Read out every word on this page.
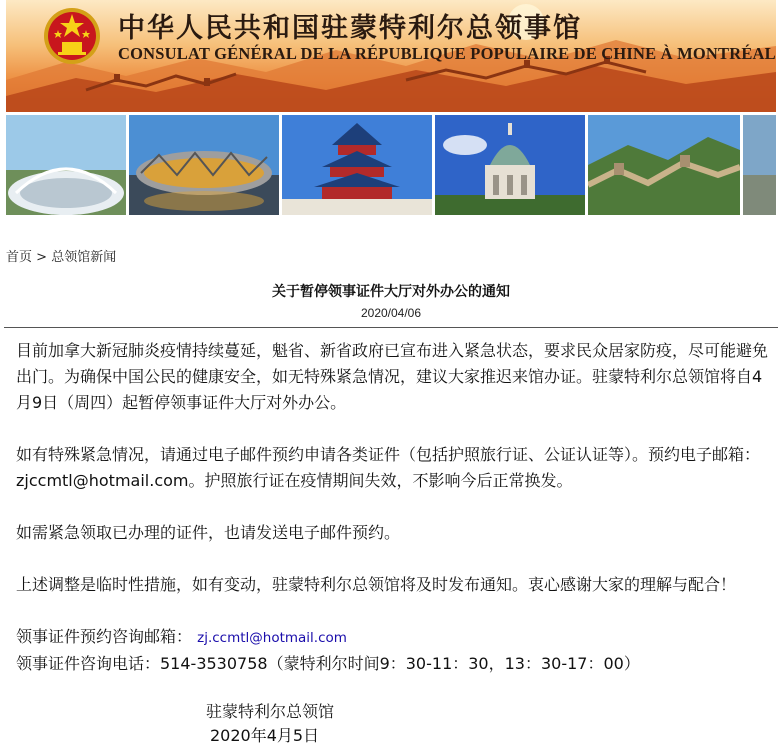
中华人民共和国驻蒙特利尔总领事馆
CONSULAT GÉNÉRAL DE LA RÉPUBLIQUE POPULAIRE DE CHINE À MONTRÉAL
首页 > 总领馆新闻
关于暂停领事证件大厅对外办公的通知
2020/04/06

目前加拿大新冠肺炎疫情持续蔓延，魁省、新省政府已宣布进入紧急状态，要求民众居家防疫，尽可能避免出门。为确保中国公民的健康安全，如无特殊紧急情况，建议大家推迟来馆办证。驻蒙特利尔总领馆将自4月9日（周四）起暂停领事证件大厅对外办公。

如有特殊紧急情况，请通过电子邮件预约申请各类证件（包括护照旅行证、公证认证等）。预约电子邮箱：zjccmtl@hotmail.com。护照旅行证在疫情期间失效，不影响今后正常换发。

如需紧急领取已办理的证件，也请发送电子邮件预约。

上述调整是临时性措施，如有变动，驻蒙特利尔总领馆将及时发布通知。衷心感谢大家的理解与配合！

领事证件预约咨询邮箱： zj.ccmtl@hotmail.com

领事证件咨询电话：514-3530758（蒙特利尔时间9：30-11：30，13：30-17：00）

驻蒙特利尔总领馆
2020年4月5日
